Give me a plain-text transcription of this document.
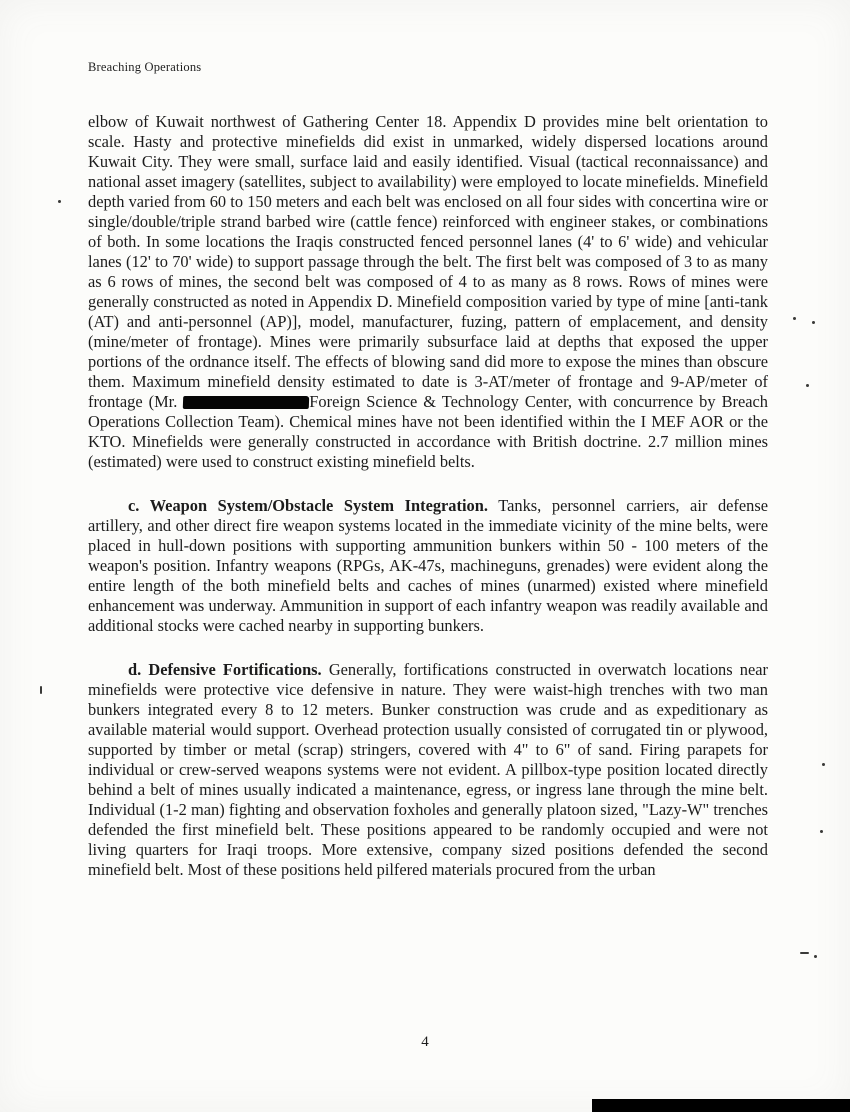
Breaching Operations

elbow of Kuwait northwest of Gathering Center 18. Appendix D provides mine belt orientation to scale. Hasty and protective minefields did exist in unmarked, widely dispersed locations around Kuwait City. They were small, surface laid and easily identified. Visual (tactical reconnaissance) and national asset imagery (satellites, subject to availability) were employed to locate minefields. Minefield depth varied from 60 to 150 meters and each belt was enclosed on all four sides with concertina wire or single/double/triple strand barbed wire (cattle fence) reinforced with engineer stakes, or combinations of both. In some locations the Iraqis constructed fenced personnel lanes (4' to 6' wide) and vehicular lanes (12' to 70' wide) to support passage through the belt. The first belt was composed of 3 to as many as 6 rows of mines, the second belt was composed of 4 to as many as 8 rows. Rows of mines were generally constructed as noted in Appendix D. Minefield composition varied by type of mine [anti-tank (AT) and anti-personnel (AP)], model, manufacturer, fuzing, pattern of emplacement, and density (mine/meter of frontage). Mines were primarily subsurface laid at depths that exposed the upper portions of the ordnance itself. The effects of blowing sand did more to expose the mines than obscure them. Maximum minefield density estimated to date is 3-AT/meter of frontage and 9-AP/meter of frontage (Mr.	Foreign Science & Technology Center, with concurrence by Breach Operations Collection Team). Chemical mines have not been identified within the I MEF AOR or the KTO. Minefields were generally constructed in accordance with British doctrine. 2.7 million mines (estimated) were used to construct existing minefield belts.

c. Weapon System/Obstacle System Integration. Tanks, personnel carriers, air defense artillery, and other direct fire weapon systems located in the immediate vicinity of the mine belts, were placed in hull-down positions with supporting ammunition bunkers within 50 - 100 meters of the weapon's position. Infantry weapons (RPGs, AK-47s, machineguns, grenades) were evident along the entire length of the both minefield belts and caches of mines (unarmed) existed where minefield enhancement was underway. Ammunition in support of each infantry weapon was readily available and additional stocks were cached nearby in supporting bunkers.

d. Defensive Fortifications. Generally, fortifications constructed in overwatch locations near minefields were protective vice defensive in nature. They were waist-high trenches with two man bunkers integrated every 8 to 12 meters. Bunker construction was crude and as expeditionary as available material would support. Overhead protection usually consisted of corrugated tin or plywood, supported by timber or metal (scrap) stringers, covered with 4" to 6" of sand. Firing parapets for individual or crew-served weapons systems were not evident. A pillbox-type position located directly behind a belt of mines usually indicated a maintenance, egress, or ingress lane through the mine belt. Individual (1-2 man) fighting and observation foxholes and generally platoon sized, "Lazy-W" trenches defended the first minefield belt. These positions appeared to be randomly occupied and were not living quarters for Iraqi troops. More extensive, company sized positions defended the second minefield belt. Most of these positions held pilfered materials procured from the urban

4
